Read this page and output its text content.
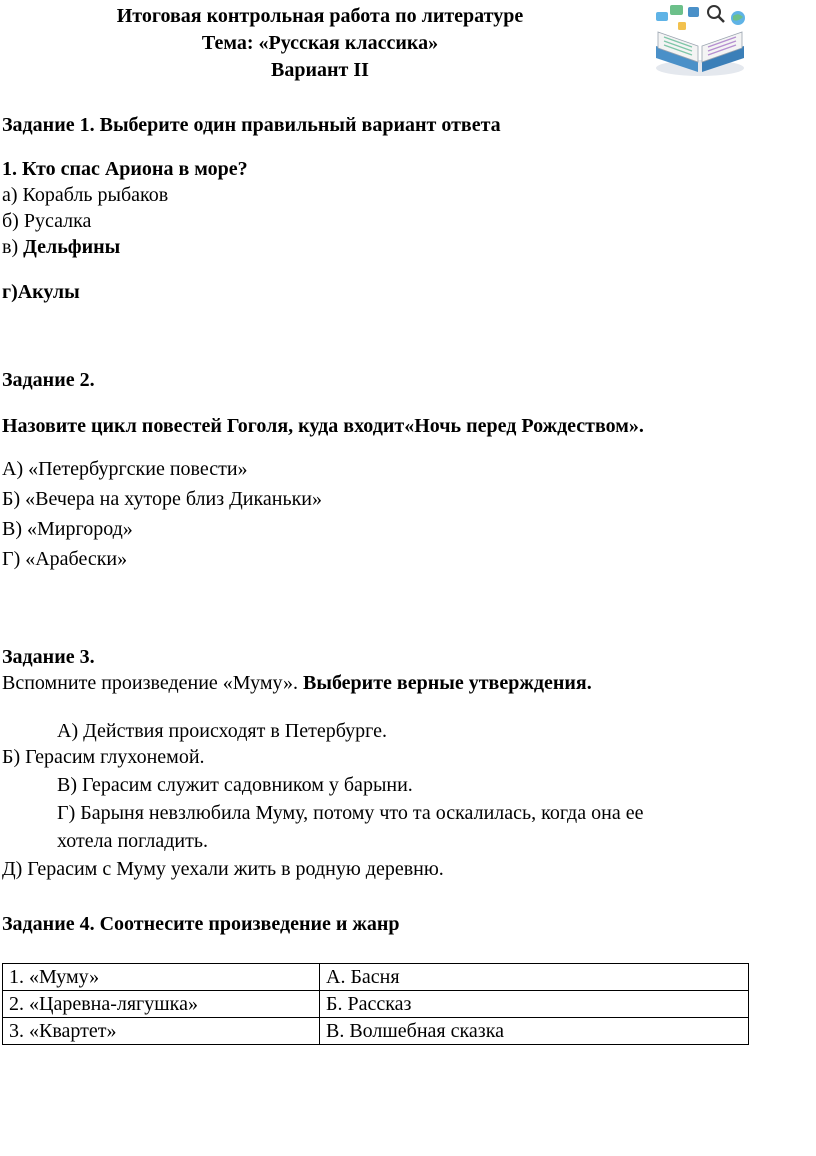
Итоговая контрольная работа по литературе
Тема: «Русская классика»
Вариант II
Задание 1. Выберите один правильный вариант ответа
1. Кто спас Ариона в море?
а) Корабль рыбаков
б) Русалка
в) Дельфины
г)Акулы
Задание 2.
Назовите цикл повестей Гоголя, куда входит«Ночь перед Рождеством».
А) «Петербургские повести»
Б) «Вечера на хуторе близ Диканьки»
В) «Миргород»
Г) «Арабески»
Задание 3.
Вспомните произведение «Муму». Выберите верные утверждения.
А) Действия происходят в Петербурге.
Б) Герасим глухонемой.
В) Герасим служит садовником у барыни.
Г) Барыня невзлюбила Муму, потому что та оскалилась, когда она ее
хотела погладить.
Д) Герасим с Муму уехали жить в родную деревню.
Задание 4. Соотнесите произведение и жанр
1. «Муму»	А. Басня
2. «Царевна-лягушка»	Б. Рассказ
3. «Квартет»	В. Волшебная сказка
